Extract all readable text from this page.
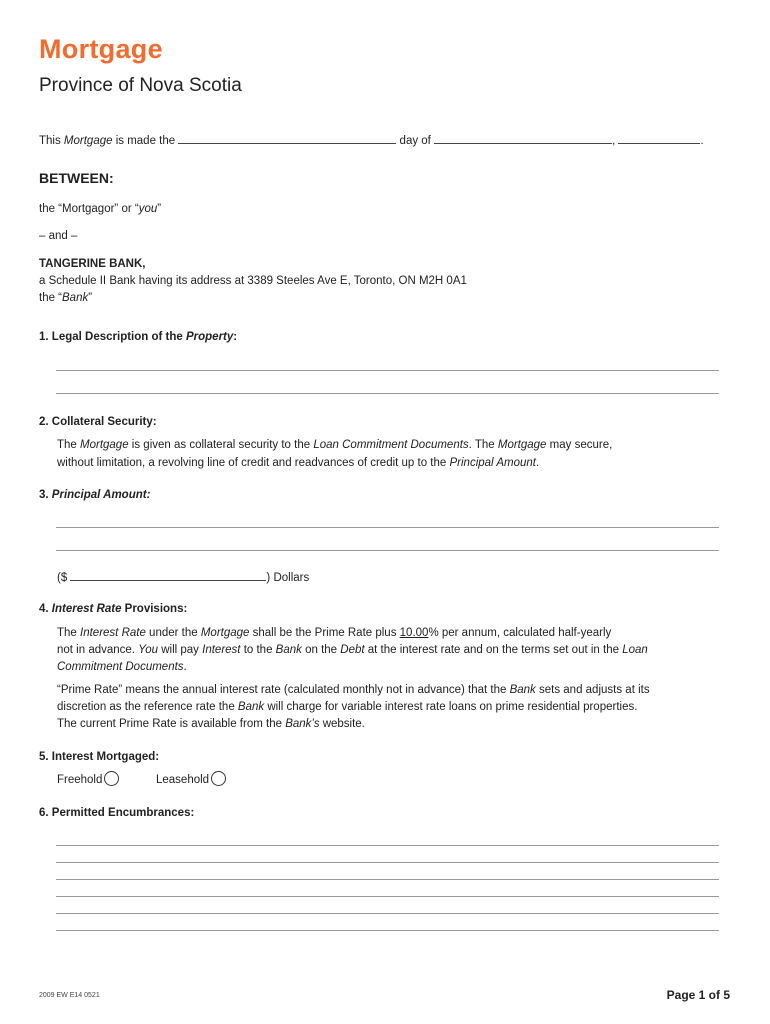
Mortgage
Province of Nova Scotia
This Mortgage is made the	day of	,	.
BETWEEN:
the “Mortgagor” or “you”
– and –
TANGERINE BANK,
a Schedule II Bank having its address at 3389 Steeles Ave E, Toronto, ON M2H 0A1
the “Bank”
1. Legal Description of the Property:
2. Collateral Security:
The Mortgage is given as collateral security to the Loan Commitment Documents. The Mortgage may secure,
without limitation, a revolving line of credit and readvances of credit up to the Principal Amount.
3. Principal Amount:
($	) Dollars
4. Interest Rate Provisions:
The Interest Rate under the Mortgage shall be the Prime Rate plus 10.00% per annum, calculated half-yearly
not in advance. You will pay Interest to the Bank on the Debt at the interest rate and on the terms set out in the Loan
Commitment Documents.
“Prime Rate” means the annual interest rate (calculated monthly not in advance) that the Bank sets and adjusts at its
discretion as the reference rate the Bank will charge for variable interest rate loans on prime residential properties.
The current Prime Rate is available from the Bank’s website.
5. Interest Mortgaged:
Freehold	Leasehold
6. Permitted Encumbrances:
2009 EW E14 0521	Page 1 of 5
